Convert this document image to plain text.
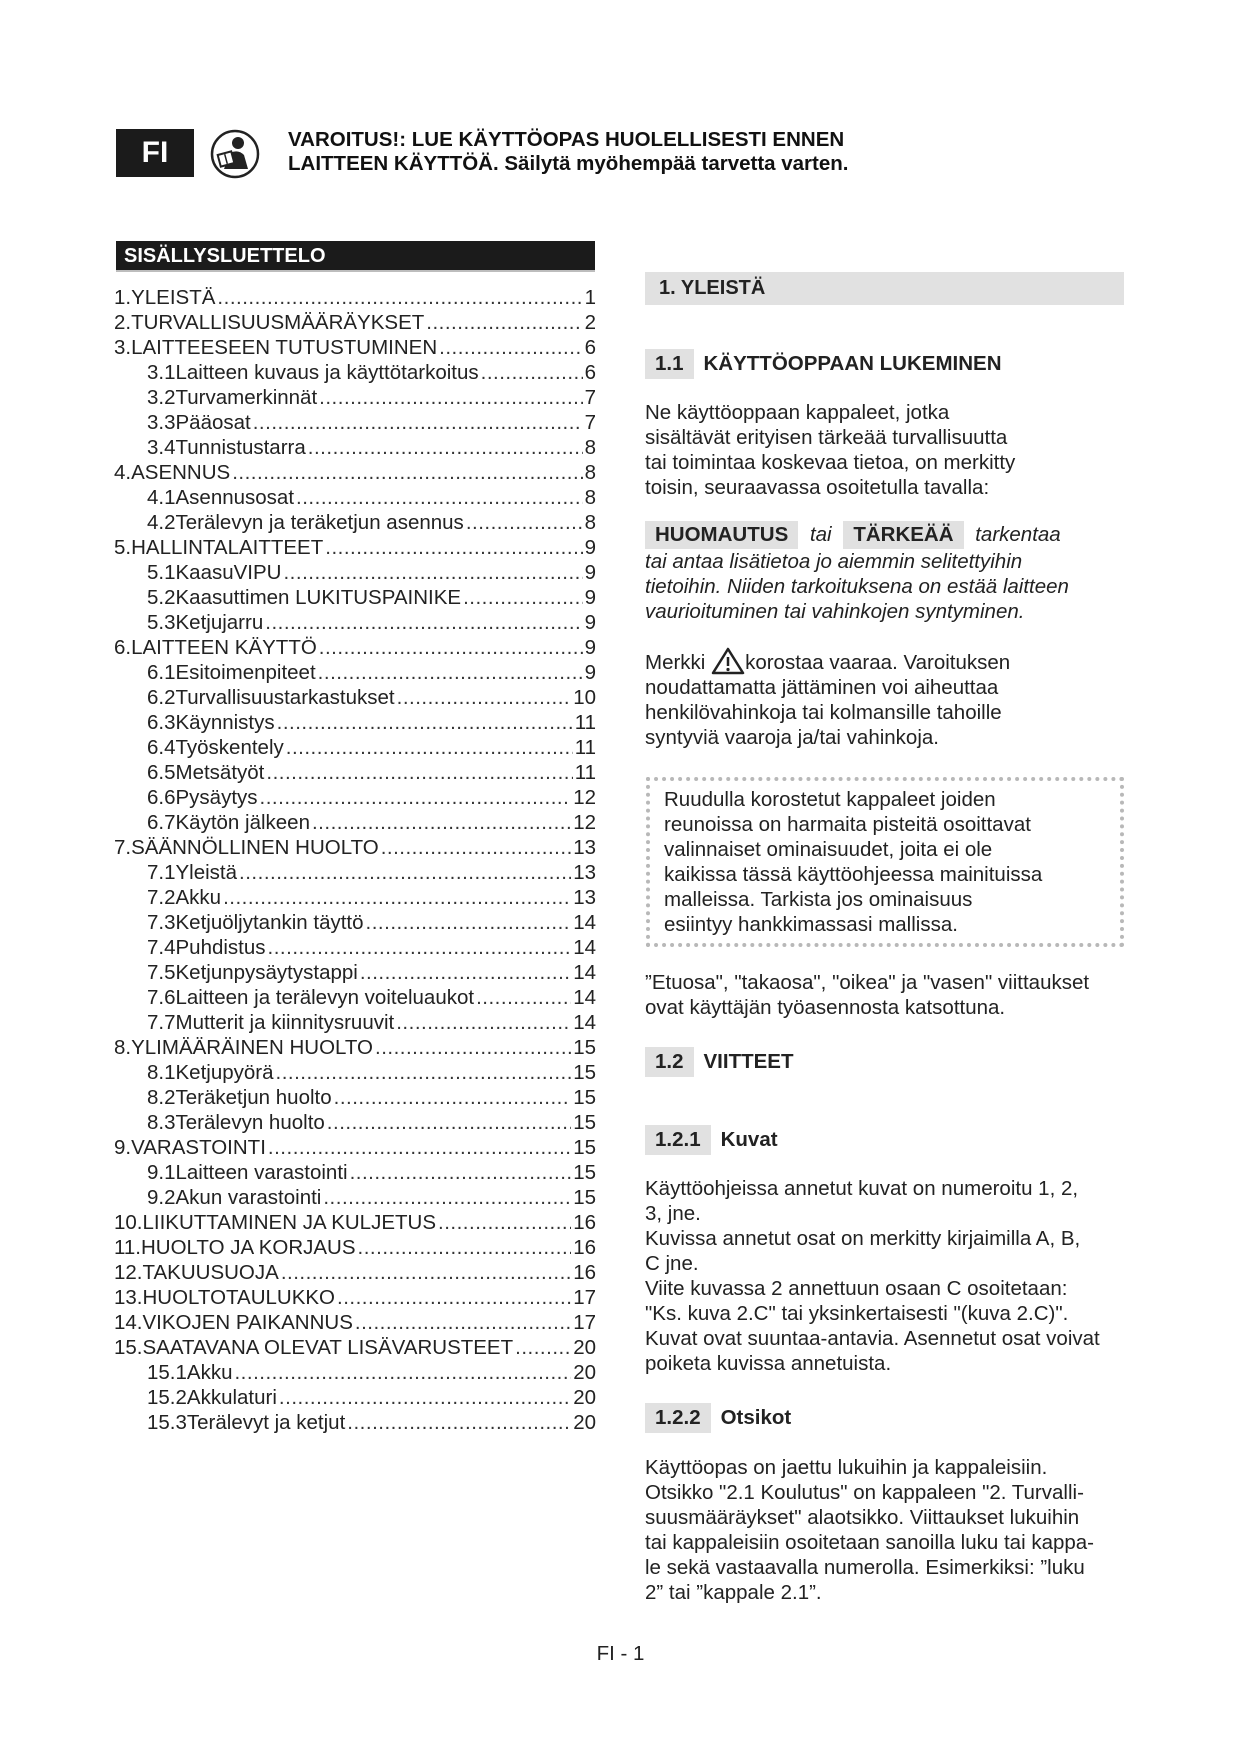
FI	VAROITUS!: LUE KÄYTTÖOPAS HUOLELLISESTI ENNEN
LAITTEEN KÄYTTÖÄ. Säilytä myöhempää tarvetta varten.
SISÄLLYSLUETTELO
1. YLEISTÄ .....	1
2. TURVALLISUUSMÄÄRÄYKSET .....	2
3. LAITTEESEEN TUTUSTUMINEN .....	6
3.1 Laitteen kuvaus ja käyttötarkoitus .....	6
3.2 Turvamerkinnät .....	7
3.3 Pääosat .....	7
3.4 Tunnistustarra .....	8
4. ASENNUS .....	8
4.1 Asennusosat .....	8
4.2 Terälevyn ja teräketjun asennus .....	8
5. HALLINTALAITTEET .....	9
5.1 KaasuVIPU .....	9
5.2 Kaasuttimen LUKITUSPAINIKE .....	9
5.3 Ketjujarru .....	9
6. LAITTEEN KÄYTTÖ .....	9
6.1 Esitoimenpiteet .....	9
6.2 Turvallisuustarkastukset .....	10
6.3 Käynnistys .....	11
6.4 Työskentely .....	11
6.5 Metsätyöt .....	11
6.6 Pysäytys .....	12
6.7 Käytön jälkeen .....	12
7. SÄÄNNÖLLINEN HUOLTO .....	13
7.1 Yleistä .....	13
7.2 Akku .....	13
7.3 Ketjuöljytankin täyttö .....	14
7.4 Puhdistus .....	14
7.5 Ketjunpysäytystappi .....	14
7.6 Laitteen ja terälevyn voiteluaukot .....	14
7.7 Mutterit ja kiinnitysruuvit .....	14
8. YLIMÄÄRÄINEN HUOLTO .....	15
8.1 Ketjupyörä .....	15
8.2 Teräketjun huolto .....	15
8.3 Terälevyn huolto .....	15
9. VARASTOINTI .....	15
9.1 Laitteen varastointi .....	15
9.2 Akun varastointi .....	15
10. LIIKUTTAMINEN JA KULJETUS .....	16
11. HUOLTO JA KORJAUS .....	16
12. TAKUUSUOJA .....	16
13. HUOLTOTAULUKKO .....	17
14. VIKOJEN PAIKANNUS .....	17
15. SAATAVANA OLEVAT LISÄVARUSTEET .....	20
15.1 Akku .....	20
15.2 Akkulaturi .....	20
15.3 Terälevyt ja ketjut .....	20
1. YLEISTÄ
1.1 KÄYTTÖOPPAAN LUKEMINEN
Ne käyttöoppaan kappaleet, jotka
sisältävät erityisen tärkeää turvallisuutta
tai toimintaa koskevaa tietoa, on merkitty
toisin, seuraavassa osoitetulla tavalla:
HUOMAUTUS tai TÄRKEÄÄ tarkentaa
tai antaa lisätietoa jo aiemmin selitettyihin
tietoihin. Niiden tarkoituksena on estää laitteen
vaurioituminen tai vahinkojen syntyminen.
Merkki korostaa vaaraa. Varoituksen
noudattamatta jättäminen voi aiheuttaa
henkilövahinkoja tai kolmansille tahoille
syntyviä vaaroja ja/tai vahinkoja.
Ruudulla korostetut kappaleet joiden
reunoissa on harmaita pisteitä osoittavat
valinnaiset ominaisuudet, joita ei ole
kaikissa tässä käyttöohjeessa mainituissa
malleissa. Tarkista jos ominaisuus
esiintyy hankkimassasi mallissa.
”Etuosa", "takaosa", "oikea" ja "vasen" viittaukset
ovat käyttäjän työasennosta katsottuna.
1.2 VIITTEET
1.2.1 Kuvat
Käyttöohjeissa annetut kuvat on numeroitu 1, 2,
3, jne.
Kuvissa annetut osat on merkitty kirjaimilla A, B,
C jne.
Viite kuvassa 2 annettuun osaan C osoitetaan:
"Ks. kuva 2.C" tai yksinkertaisesti "(kuva 2.C)".
Kuvat ovat suuntaa-antavia. Asennetut osat voivat
poiketa kuvissa annetuista.
1.2.2 Otsikot
Käyttöopas on jaettu lukuihin ja kappaleisiin.
Otsikko "2.1 Koulutus" on kappaleen "2. Turvalli-
suusmääräykset" alaotsikko. Viittaukset lukuihin
tai kappaleisiin osoitetaan sanoilla luku tai kappa-
le sekä vastaavalla numerolla. Esimerkiksi: ”luku
2” tai ”kappale 2.1”.
FI - 1
